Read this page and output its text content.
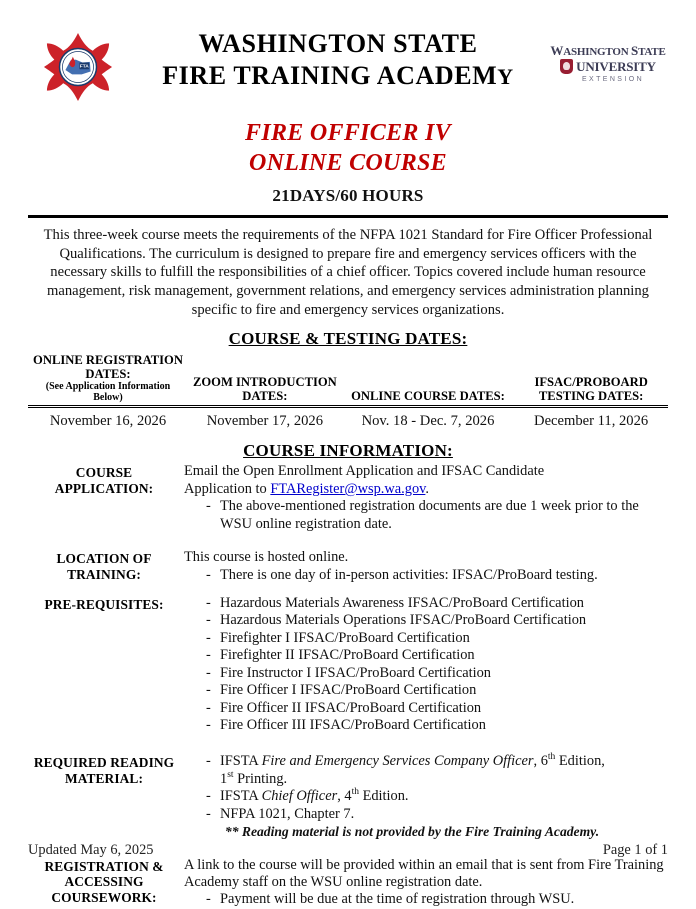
FTA
WASHINGTON STATE
FIRE TRAINING ACADEMY
WASHINGTON STATE
UNIVERSITY
EXTENSION
FIRE OFFICER IV
ONLINE COURSE
21DAYS/60 HOURS
This three-week course meets the requirements of the NFPA 1021 Standard for Fire Officer Professional Qualifications. The curriculum is designed to prepare fire and emergency services officers with the necessary skills to fulfill the responsibilities of a chief officer. Topics covered include human resource management, risk management, government relations, and emergency services administration planning specific to fire and emergency services organizations.
COURSE & TESTING DATES:
ONLINE REGISTRATION DATES:
(See Application Information Below)	ZOOM INTRODUCTION DATES:	ONLINE COURSE DATES:	IFSAC/PROBOARD TESTING DATES:
November 16, 2026	November 17, 2026	Nov. 18 - Dec. 7, 2026	December 11, 2026
COURSE INFORMATION:
COURSE APPLICATION:
Email the Open Enrollment Application and IFSAC Candidate
Application to FTARegister@wsp.wa.gov.
- The above-mentioned registration documents are due 1 week prior to the WSU online registration date.
LOCATION OF TRAINING:
This course is hosted online.
- There is one day of in-person activities: IFSAC/ProBoard testing.
PRE-REQUISITES:	- Hazardous Materials Awareness IFSAC/ProBoard Certification
- Hazardous Materials Operations IFSAC/ProBoard Certification
- Firefighter I IFSAC/ProBoard Certification
- Firefighter II IFSAC/ProBoard Certification
- Fire Instructor I IFSAC/ProBoard Certification
- Fire Officer I IFSAC/ProBoard Certification
- Fire Officer II IFSAC/ProBoard Certification
- Fire Officer III IFSAC/ProBoard Certification
REQUIRED READING MATERIAL:
- IFSTA Fire and Emergency Services Company Officer, 6th Edition,
1st Printing.
- IFSTA Chief Officer, 4th Edition.
- NFPA 1021, Chapter 7.
** Reading material is not provided by the Fire Training Academy.
REGISTRATION & ACCESSING COURSEWORK:
A link to the course will be provided within an email that is sent from Fire Training Academy staff on the WSU online registration date.
- Payment will be due at the time of registration through WSU.
Updated May 6, 2025	Page 1 of 1
